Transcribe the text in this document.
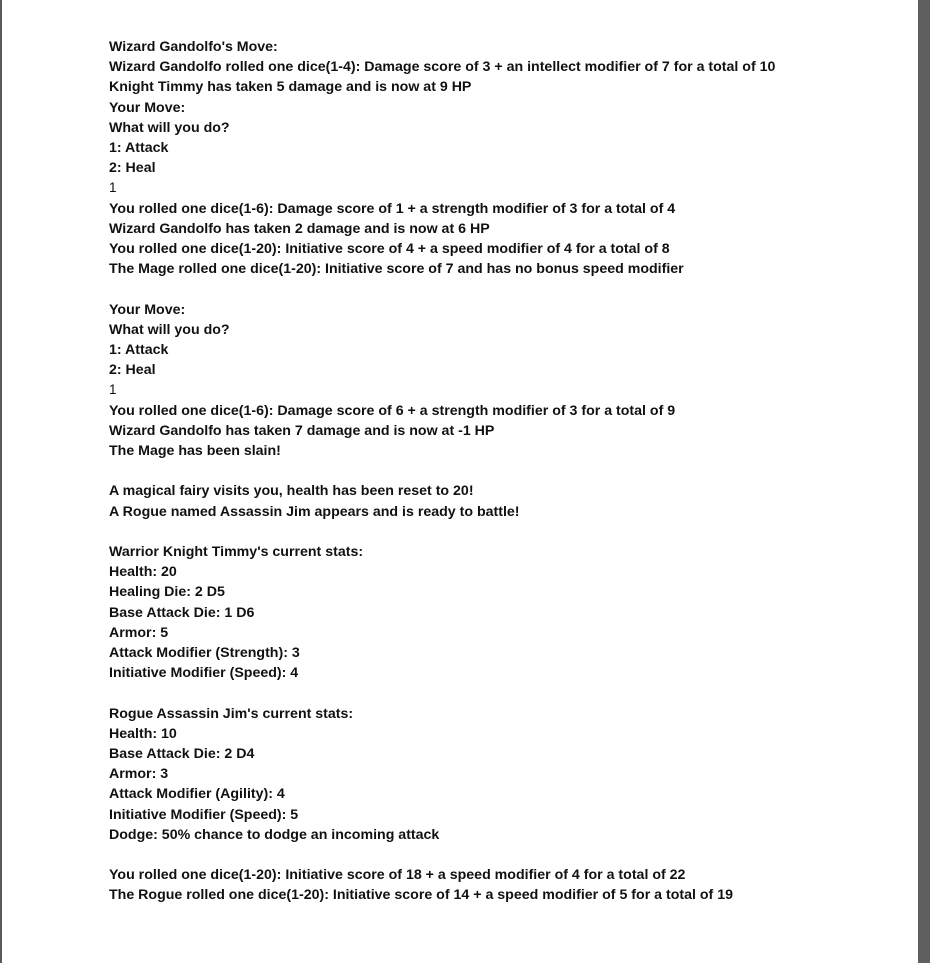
Wizard Gandolfo's Move:
Wizard Gandolfo rolled one dice(1-4): Damage score of 3 + an intellect modifier of 7 for a total of 10
Knight Timmy has taken 5 damage and is now at 9 HP
Your Move:
What will you do?
1: Attack
2: Heal
1
You rolled one dice(1-6): Damage score of 1 + a strength modifier of 3 for a total of 4
Wizard Gandolfo has taken 2 damage and is now at 6 HP
You rolled one dice(1-20): Initiative score of 4 + a speed modifier of 4 for a total of 8
The Mage rolled one dice(1-20): Initiative score of 7 and has no bonus speed modifier
Your Move:
What will you do?
1: Attack
2: Heal
1
You rolled one dice(1-6): Damage score of 6 + a strength modifier of 3 for a total of 9
Wizard Gandolfo has taken 7 damage and is now at -1 HP
The Mage has been slain!
A magical fairy visits you, health has been reset to 20!
A Rogue named Assassin Jim appears and is ready to battle!
Warrior Knight Timmy's current stats:
Health: 20
Healing Die: 2 D5
Base Attack Die: 1 D6
Armor: 5
Attack Modifier (Strength): 3
Initiative Modifier (Speed): 4
Rogue Assassin Jim's current stats:
Health: 10
Base Attack Die: 2 D4
Armor: 3
Attack Modifier (Agility): 4
Initiative Modifier (Speed): 5
Dodge: 50% chance to dodge an incoming attack
You rolled one dice(1-20): Initiative score of 18 + a speed modifier of 4 for a total of 22
The Rogue rolled one dice(1-20): Initiative score of 14 + a speed modifier of 5 for a total of 19
